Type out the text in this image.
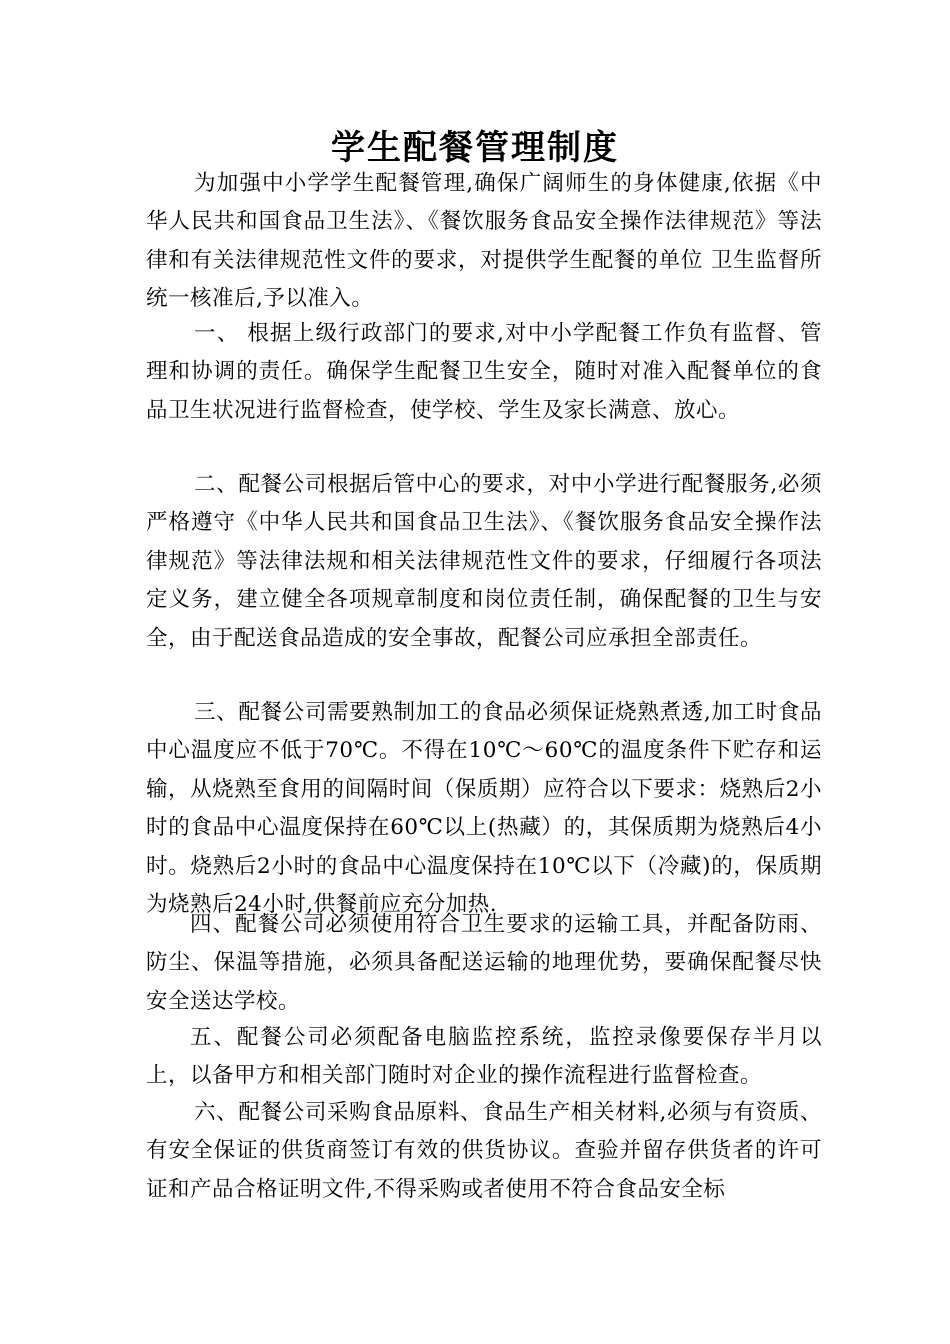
学生配餐管理制度
为加强中小学学生配餐管理,确保广阔师生的身体健康,依据《中华人民共和国食品卫生法》、《餐饮服务食品安全操作法律规范》等法律和有关法律规范性文件的要求，对提供学生配餐的单位 卫生监督所统一核准后,予以准入。
一、 根据上级行政部门的要求,对中小学配餐工作负有监督、管理和协调的责任。确保学生配餐卫生安全，随时对准入配餐单位的食品卫生状况进行监督检查，使学校、学生及家长满意、放心。
二、配餐公司根据后管中心的要求，对中小学进行配餐服务,必须严格遵守《中华人民共和国食品卫生法》、《餐饮服务食品安全操作法律规范》等法律法规和相关法律规范性文件的要求，仔细履行各项法定义务，建立健全各项规章制度和岗位责任制，确保配餐的卫生与安全，由于配送食品造成的安全事故，配餐公司应承担全部责任。
三、配餐公司需要熟制加工的食品必须保证烧熟煮透,加工时食品中心温度应不低于70℃。不得在10℃～60℃的温度条件下贮存和运输，从烧熟至食用的间隔时间（保质期）应符合以下要求：烧熟后2小时的食品中心温度保持在60℃以上(热藏）的，其保质期为烧熟后4小时。烧熟后2小时的食品中心温度保持在10℃以下（冷藏)的，保质期为烧熟后24小时,供餐前应充分加热.
四、配餐公司必须使用符合卫生要求的运输工具，并配备防雨、防尘、保温等措施，必须具备配送运输的地理优势，要确保配餐尽快安全送达学校。
五、配餐公司必须配备电脑监控系统，监控录像要保存半月以上，以备甲方和相关部门随时对企业的操作流程进行监督检查。
六、配餐公司采购食品原料、食品生产相关材料,必须与有资质、有安全保证的供货商签订有效的供货协议。查验并留存供货者的许可证和产品合格证明文件,不得采购或者使用不符合食品安全标
